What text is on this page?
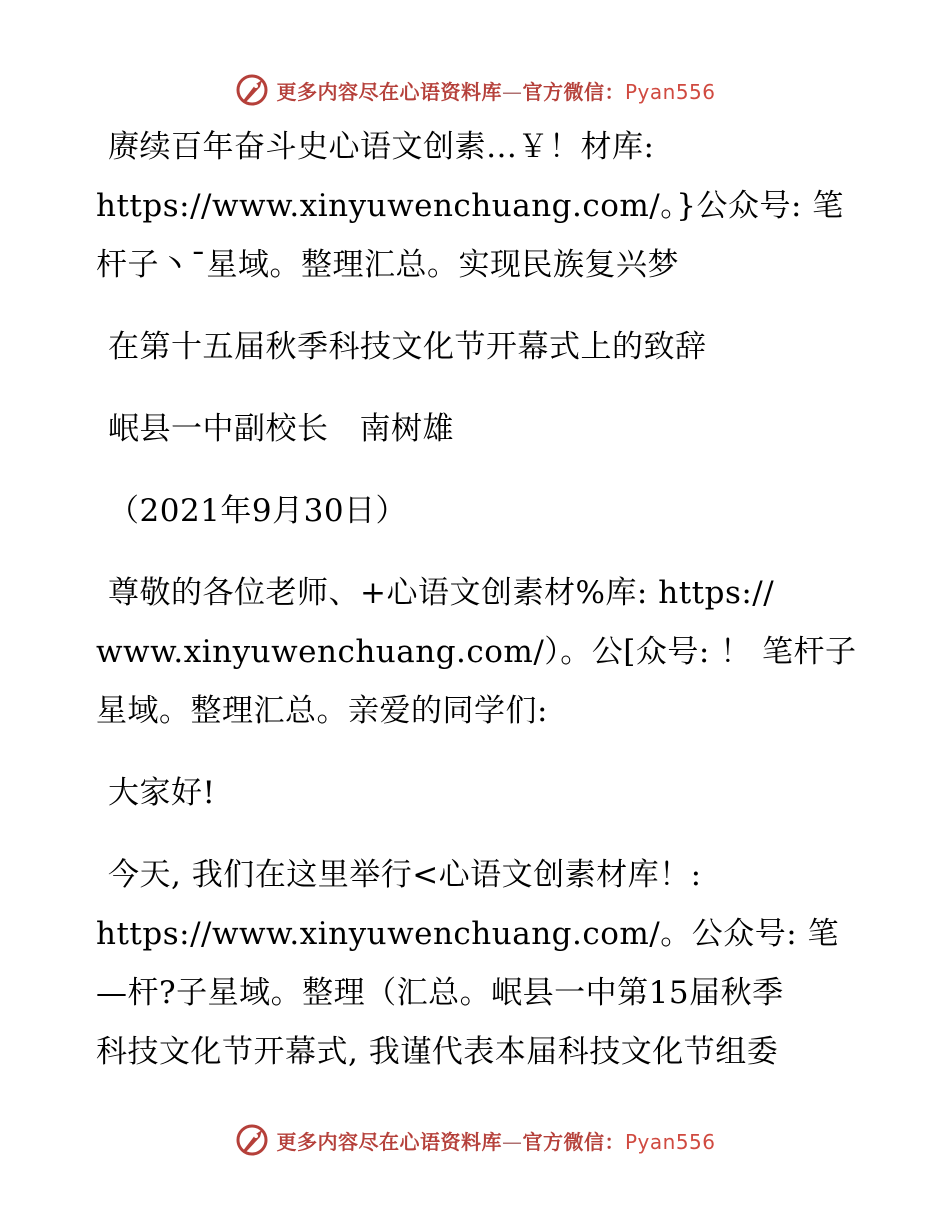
更多内容尽在心语资料库—官方微信：Pyan556
赓续百年奋斗史心语文创素…￥！材库:
https://www.xinyuwenchuang.com/。}公众号: 笔
杆子丶¯星域。整理汇总。实现民族复兴梦
在第十五届秋季科技文化节开幕式上的致辞
岷县一中副校长   南树雄
（2021年9月30日）
尊敬的各位老师、+心语文创素材%库: https://
www.xinyuwenchuang.com/）。公[众号: ！ 笔杆子
星域。整理汇总。亲爱的同学们:
大家好!
今天, 我们在这里举行<心语文创素材库！:
https://www.xinyuwenchuang.com/。公众号: 笔
—杆?子星域。整理（汇总。岷县一中第15届秋季
科技文化节开幕式, 我谨代表本届科技文化节组委
更多内容尽在心语资料库—官方微信：Pyan556
